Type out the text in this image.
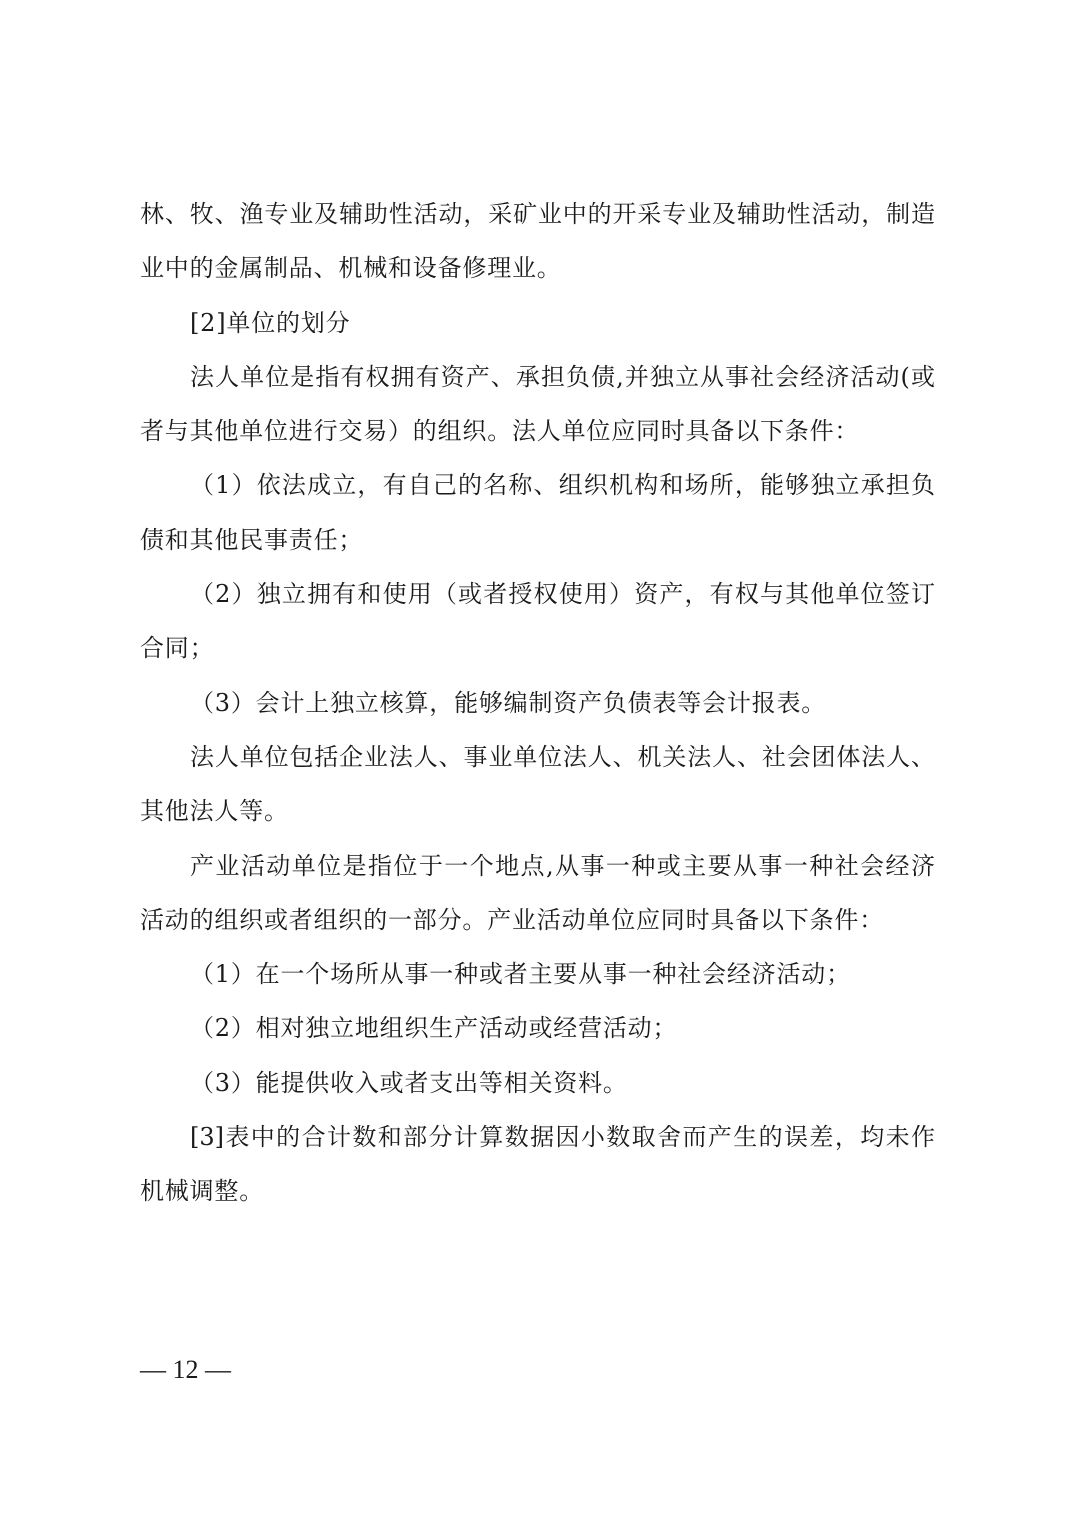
林、牧、渔专业及辅助性活动，采矿业中的开采专业及辅助性活动，制造
业中的金属制品、机械和设备修理业。
[2]单位的划分
法人单位是指有权拥有资产、承担负债,并独立从事社会经济活动(或
者与其他单位进行交易）的组织。法人单位应同时具备以下条件：
（1）依法成立，有自己的名称、组织机构和场所，能够独立承担负
债和其他民事责任；
（2）独立拥有和使用（或者授权使用）资产，有权与其他单位签订
合同；
（3）会计上独立核算，能够编制资产负债表等会计报表。
法人单位包括企业法人、事业单位法人、机关法人、社会团体法人、
其他法人等。
产业活动单位是指位于一个地点,从事一种或主要从事一种社会经济
活动的组织或者组织的一部分。产业活动单位应同时具备以下条件：
（1）在一个场所从事一种或者主要从事一种社会经济活动；
（2）相对独立地组织生产活动或经营活动；
（3）能提供收入或者支出等相关资料。
[3]表中的合计数和部分计算数据因小数取舍而产生的误差，均未作
机械调整。
— 12 —
